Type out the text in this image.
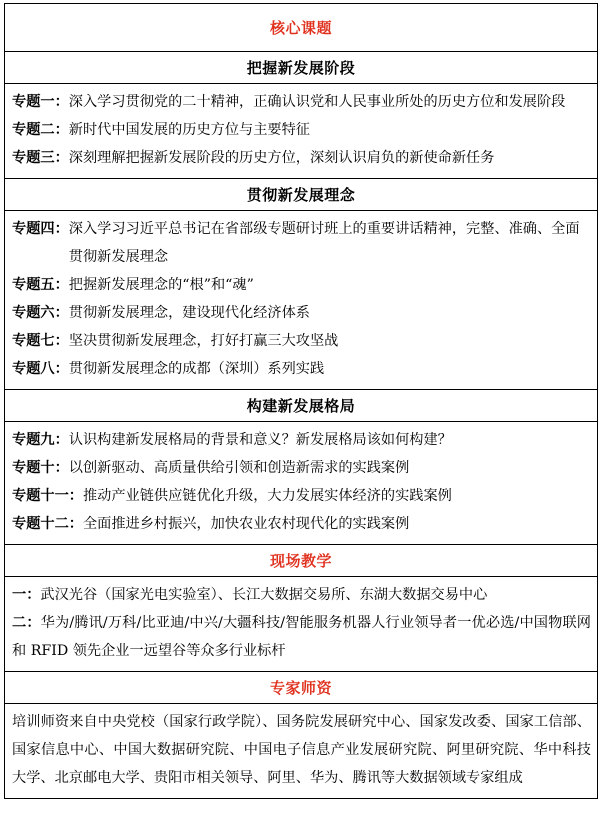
核心课题
把握新发展阶段
专题一： 深入学习贯彻党的二十精神，正确认识党和人民事业所处的历史方位和发展阶段
专题二： 新时代中国发展的历史方位与主要特征
专题三： 深刻理解把握新发展阶段的历史方位，深刻认识肩负的新使命新任务
贯彻新发展理念
专题四： 深入学习习近平总书记在省部级专题研讨班上的重要讲话精神，完整、准确、全面贯彻新发展理念
专题五： 把握新发展理念的“根”和“魂”
专题六： 贯彻新发展理念，建设现代化经济体系
专题七： 坚决贯彻新发展理念，打好打赢三大攻坚战
专题八： 贯彻新发展理念的成都（深圳）系列实践
构建新发展格局
专题九： 认识构建新发展格局的背景和意义？新发展格局该如何构建？
专题十： 以创新驱动、高质量供给引领和创造新需求的实践案例
专题十一： 推动产业链供应链优化升级，大力发展实体经济的实践案例
专题十二： 全面推进乡村振兴，加快农业农村现代化的实践案例
现场教学
一：武汉光谷（国家光电实验室）、长江大数据交易所、东湖大数据交易中心
二：华为/腾讯/万科/比亚迪/中兴/大疆科技/智能服务机器人行业领导者一优必选/中国物联网和 RFID 领先企业一远望谷等众多行业标杆
专家师资
培训师资来自中央党校（国家行政学院）、国务院发展研究中心、国家发改委、国家工信部、国家信息中心、中国大数据研究院、中国电子信息产业发展研究院、阿里研究院、华中科技大学、北京邮电大学、贵阳市相关领导、阿里、华为、腾讯等大数据领域专家组成
